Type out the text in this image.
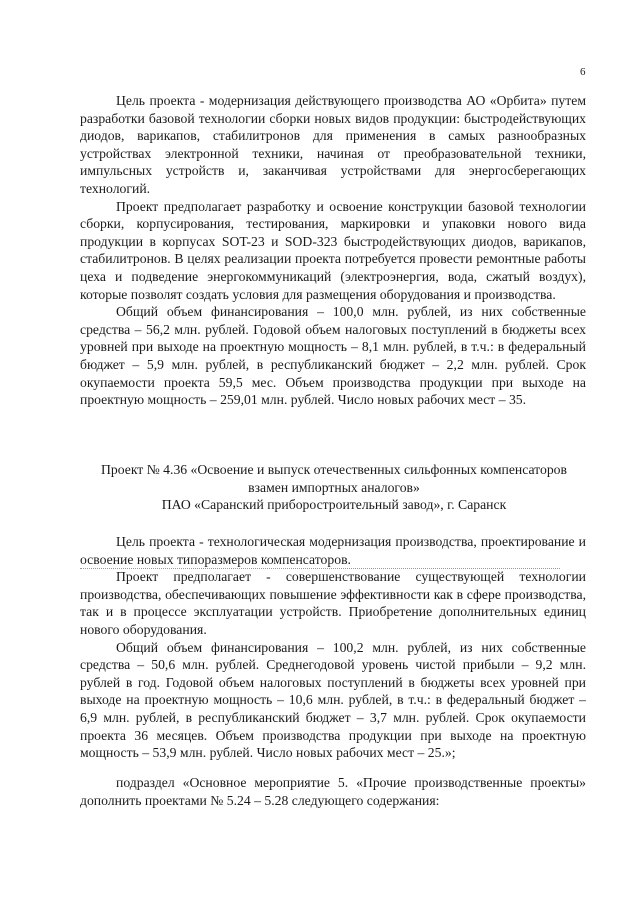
6

Цель проекта - модернизация действующего производства АО «Орбита» путем разработки базовой технологии сборки новых видов продукции: быстродействующих диодов, варикапов, стабилитронов для применения в самых разнообразных устройствах электронной техники, начиная от преобразовательной техники, импульсных устройств и, заканчивая устройствами для энергосберегающих технологий.

Проект предполагает разработку и освоение конструкции базовой технологии сборки, корпусирования, тестирования, маркировки и упаковки нового вида продукции в корпусах SOT-23 и SOD-323 быстродействующих диодов, варикапов, стабилитронов. В целях реализации проекта потребуется провести ремонтные работы цеха и подведение энергокоммуникаций (электроэнергия, вода, сжатый воздух), которые позволят создать условия для размещения оборудования и производства.

Общий объем финансирования – 100,0 млн. рублей, из них собственные средства – 56,2 млн. рублей. Годовой объем налоговых поступлений в бюджеты всех уровней при выходе на проектную мощность – 8,1 млн. рублей, в т.ч.: в федеральный бюджет – 5,9 млн. рублей, в республиканский бюджет – 2,2 млн. рублей. Срок окупаемости проекта 59,5 мес. Объем производства продукции при выходе на проектную мощность – 259,01 млн. рублей. Число новых рабочих мест – 35.

Проект № 4.36 «Освоение и выпуск отечественных сильфонных компенсаторов
взамен импортных аналогов»
ПАО «Саранский приборостроительный завод», г. Саранск

Цель проекта - технологическая модернизация производства, проектирование и освоение новых типоразмеров компенсаторов.

Проект предполагает - совершенствование существующей технологии производства, обеспечивающих повышение эффективности как в сфере производства, так и в процессе эксплуатации устройств. Приобретение дополнительных единиц нового оборудования.

Общий объем финансирования – 100,2 млн. рублей, из них собственные средства – 50,6 млн. рублей. Среднегодовой уровень чистой прибыли – 9,2 млн. рублей в год. Годовой объем налоговых поступлений в бюджеты всех уровней при выходе на проектную мощность – 10,6 млн. рублей, в т.ч.: в федеральный бюджет – 6,9 млн. рублей, в республиканский бюджет – 3,7 млн. рублей. Срок окупаемости проекта 36 месяцев. Объем производства продукции при выходе на проектную мощность – 53,9 млн. рублей. Число новых рабочих мест – 25.»;

подраздел «Основное мероприятие 5. «Прочие производственные проекты» дополнить проектами № 5.24 – 5.28 следующего содержания:
